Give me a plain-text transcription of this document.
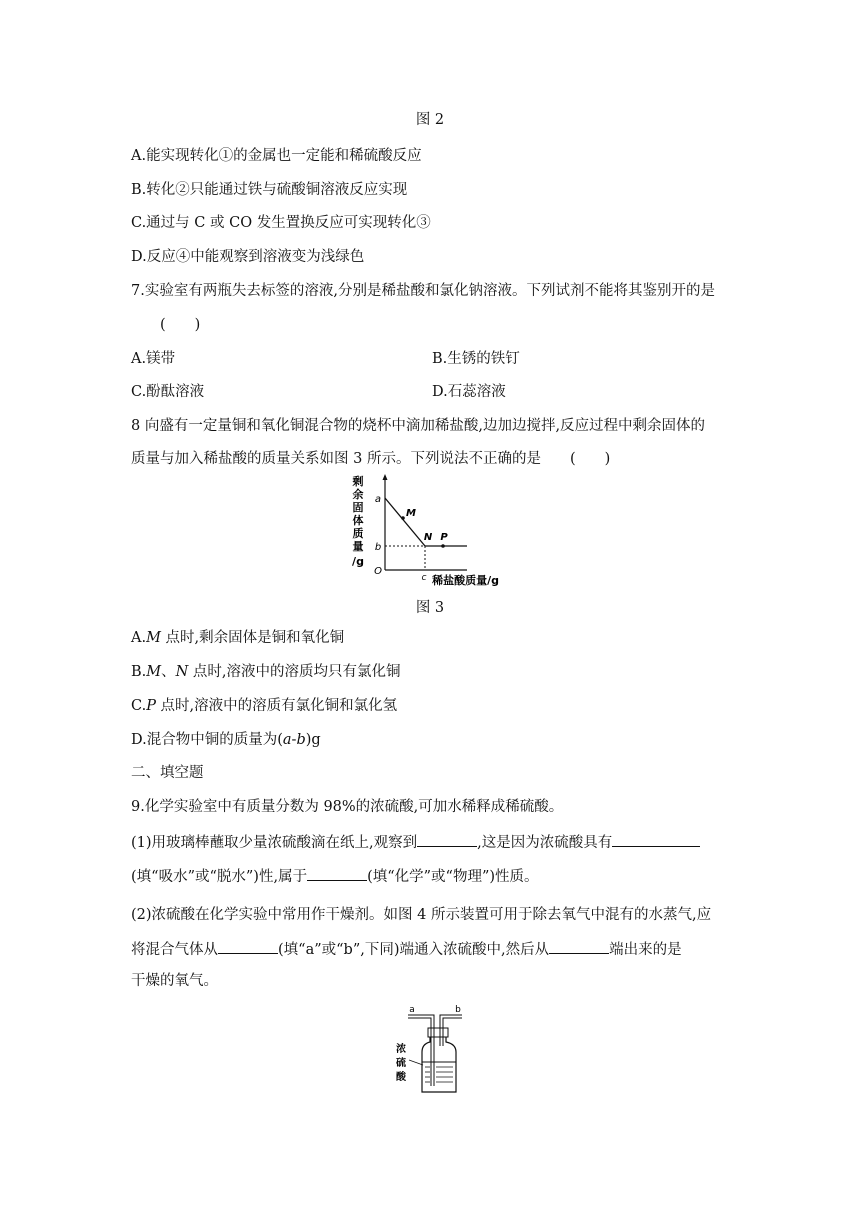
图 2
A.能实现转化①的金属也一定能和稀硫酸反应
B.转化②只能通过铁与硫酸铜溶液反应实现
C.通过与 C 或 CO 发生置换反应可实现转化③
D.反应④中能观察到溶液变为浅绿色
7.实验室有两瓶失去标签的溶液,分别是稀盐酸和氯化钠溶液。下列试剂不能将其鉴别开的是
(　　)
A.镁带	B.生锈的铁钉
C.酚酞溶液	D.石蕊溶液
8 向盛有一定量铜和氧化铜混合物的烧杯中滴加稀盐酸,边加边搅拌,反应过程中剩余固体的
质量与加入稀盐酸的质量关系如图 3 所示。下列说法不正确的是　　(　　)
剩
余
固
体
质
量
/g
a
M
N P
b
O
c 稀盐酸质量/g
图 3
A.M 点时,剩余固体是铜和氧化铜
B.M、N 点时,溶液中的溶质均只有氯化铜
C.P 点时,溶液中的溶质有氯化铜和氯化氢
D.混合物中铜的质量为(a-b)g
二、填空题
9.化学实验室中有质量分数为 98%的浓硫酸,可加水稀释成稀硫酸。
(1)用玻璃棒蘸取少量浓硫酸滴在纸上,观察到	,这是因为浓硫酸具有
(填“吸水”或“脱水”)性,属于	(填“化学”或“物理”)性质。
(2)浓硫酸在化学实验中常用作干燥剂。如图 4 所示装置可用于除去氧气中混有的水蒸气,应
将混合气体从	(填“a”或“b”,下同)端通入浓硫酸中,然后从	端出来的是
干燥的氧气。
a	b
浓
硫
酸
